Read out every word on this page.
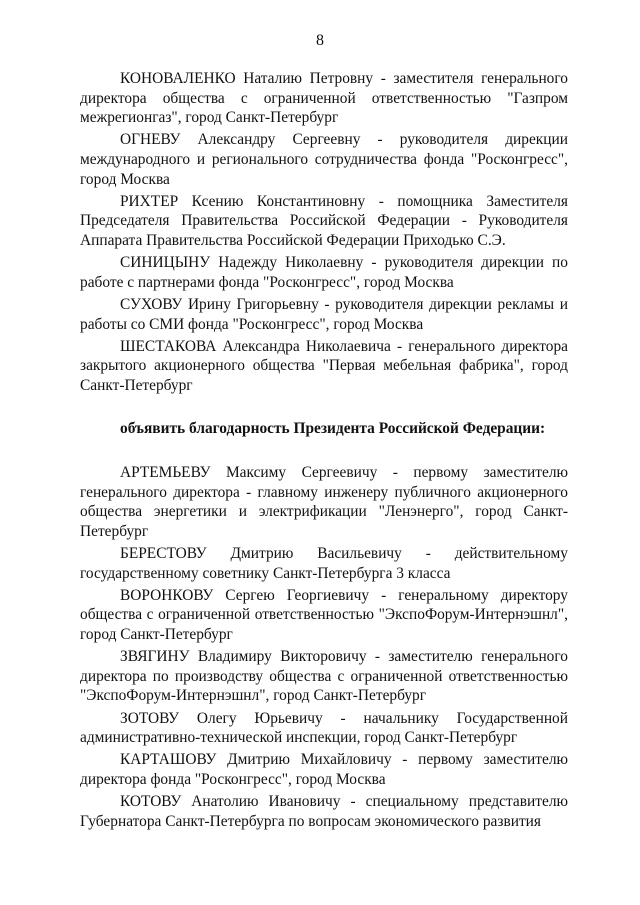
8

КОНОВАЛЕНКО Наталию Петровну - заместителя генерального директора общества с ограниченной ответственностью "Газпром межрегионгаз", город Санкт-Петербург

ОГНЕВУ Александру Сергеевну - руководителя дирекции международного и регионального сотрудничества фонда "Росконгресс", город Москва

РИХТЕР Ксению Константиновну - помощника Заместителя Председателя Правительства Российской Федерации - Руководителя Аппарата Правительства Российской Федерации Приходько С.Э.

СИНИЦЫНУ Надежду Николаевну - руководителя дирекции по работе с партнерами фонда "Росконгресс", город Москва

СУХОВУ Ирину Григорьевну - руководителя дирекции рекламы и работы со СМИ фонда "Росконгресс", город Москва

ШЕСТАКОВА Александра Николаевича - генерального директора закрытого акционерного общества "Первая мебельная фабрика", город Санкт-Петербург

объявить благодарность Президента Российской Федерации:

АРТЕМЬЕВУ Максиму Сергеевичу - первому заместителю генерального директора - главному инженеру публичного акционерного общества энергетики и электрификации "Ленэнерго", город Санкт-Петербург

БЕРЕСТОВУ Дмитрию Васильевичу - действительному государственному советнику Санкт-Петербурга 3 класса

ВОРОНКОВУ Сергею Георгиевичу - генеральному директору общества с ограниченной ответственностью "ЭкспоФорум-Интернэшнл", город Санкт-Петербург

ЗВЯГИНУ Владимиру Викторовичу - заместителю генерального директора по производству общества с ограниченной ответственностью "ЭкспоФорум-Интернэшнл", город Санкт-Петербург

ЗОТОВУ Олегу Юрьевичу - начальнику Государственной административно-технической инспекции, город Санкт-Петербург

КАРТАШОВУ Дмитрию Михайловичу - первому заместителю директора фонда "Росконгресс", город Москва

КОТОВУ Анатолию Ивановичу - специальному представителю Губернатора Санкт-Петербурга по вопросам экономического развития
